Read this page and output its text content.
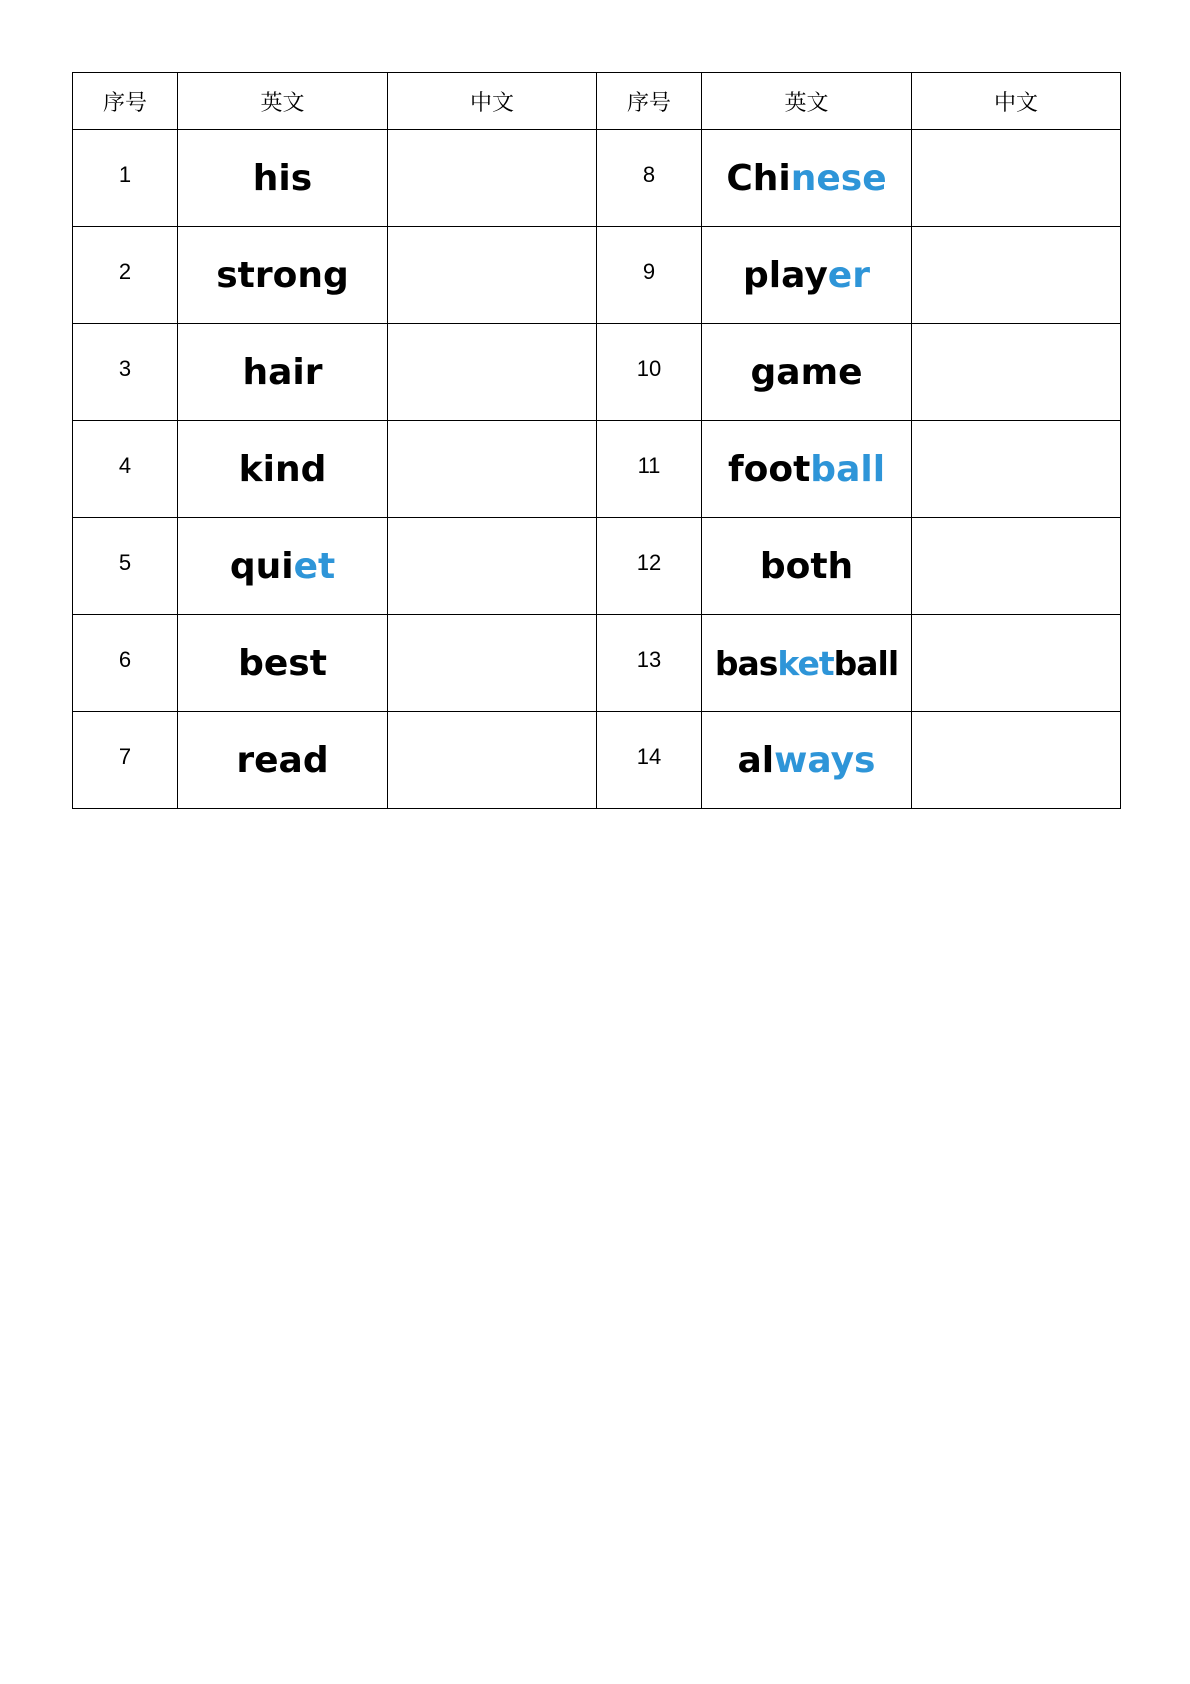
序号	英文	中文	序号	英文	中文
1	his		8	Chinese	
2	strong		9	player	
3	hair		10	game	
4	kind		11	football	
5	quiet		12	both	
6	best		13	basketball	
7	read		14	always	
